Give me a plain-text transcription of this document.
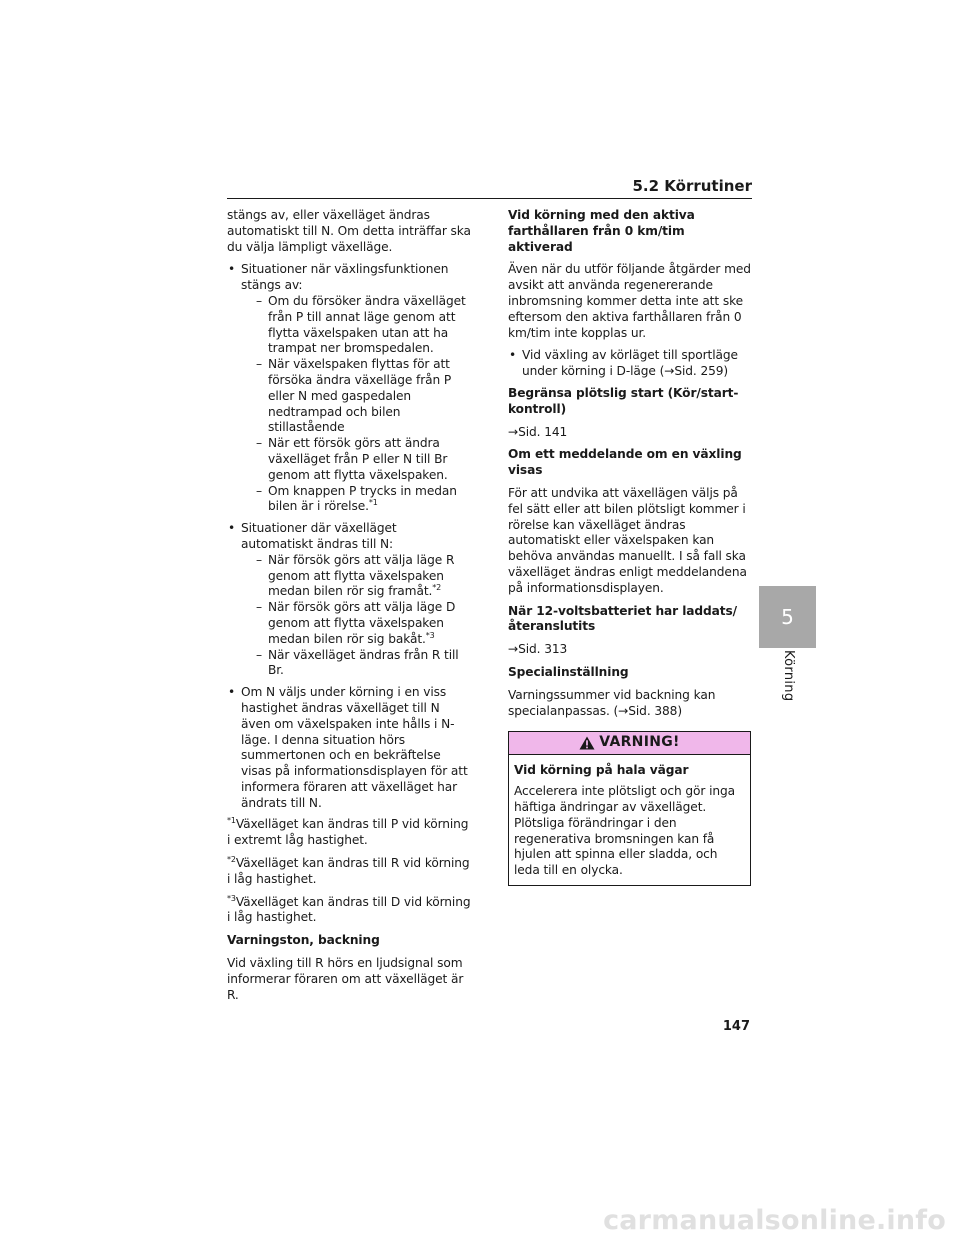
5.2 Körrutiner

stängs av, eller växelläget ändras automatiskt till N. Om detta inträffar ska du välja lämpligt växelläge.

• Situationer när växlingsfunktionen stängs av:
– Om du försöker ändra växelläget från P till annat läge genom att flytta växelspaken utan att ha trampat ner bromspedalen.
– När växelspaken flyttas för att försöka ändra växelläge från P eller N med gaspedalen nedtrampad och bilen stillastående
– När ett försök görs att ändra växelläget från P eller N till Br genom att flytta växelspaken.
– Om knappen P trycks in medan bilen är i rörelse.$^{*1}$
• Situationer där växelläget automatiskt ändras till N:
– När försök görs att välja läge R genom att flytta växelspaken medan bilen rör sig framåt.$^{*2}$
– När försök görs att välja läge D genom att flytta växelspaken medan bilen rör sig bakåt.$^{*3}$
– När växelläget ändras från R till Br.
• Om N väljs under körning i en viss hastighet ändras växelläget till N även om växelspaken inte hålls i N-läge. I denna situation hörs summertonen och en bekräftelse visas på informationsdisplayen för att informera föraren att växelläget har ändrats till N.

$^{*1}$Växelläget kan ändras till P vid körning i extremt låg hastighet.

$^{*2}$Växelläget kan ändras till R vid körning i låg hastighet.

$^{*3}$Växelläget kan ändras till D vid körning i låg hastighet.

Varningston, backning

Vid växling till R hörs en ljudsignal som informerar föraren om att växelläget är R.

Vid körning med den aktiva farthållaren från 0 km/tim aktiverad

Även när du utför följande åtgärder med avsikt att använda regenererande inbromsning kommer detta inte att ske eftersom den aktiva farthållaren från 0 km/tim inte kopplas ur.

• Vid växling av körläget till sportläge under körning i D-läge (→Sid. 259)

Begränsa plötslig start (Kör/start-kontroll)

→Sid. 141

Om ett meddelande om en växling visas

För att undvika att växellägen väljs på fel sätt eller att bilen plötsligt kommer i rörelse kan växelläget ändras automatiskt eller växelspaken kan behöva användas manuellt. I så fall ska växelläget ändras enligt meddelandena på informationsdisplayen.

När 12-voltsbatteriet har laddats/återanslutits

→Sid. 313

Specialinställning

Varningssummer vid backning kan specialanpassas. (→Sid. 388)

VARNING!

Vid körning på hala vägar

Accelerera inte plötsligt och gör inga häftiga ändringar av växelläget. Plötsliga förändringar i den regenerativa bromsningen kan få hjulen att spinna eller sladda, och leda till en olycka.

5
Körning
147
carmanualsonline.info
